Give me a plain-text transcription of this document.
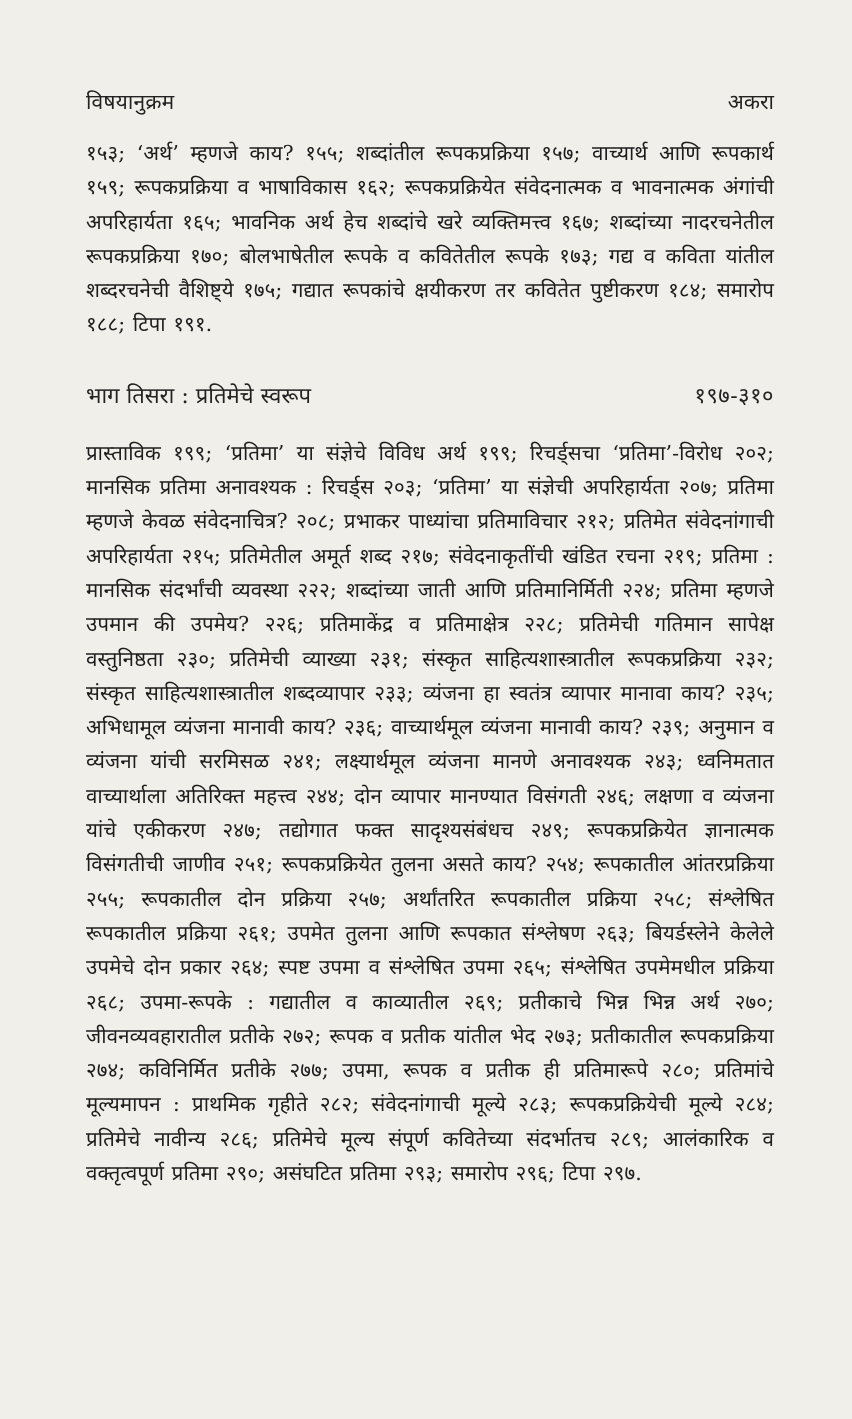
विषयानुक्रम	अकरा

१५३; ‘अर्थ’ म्हणजे काय? १५५; शब्दांतील रूपकप्रक्रिया १५७; वाच्यार्थ आणि रूपकार्थ १५९; रूपकप्रक्रिया व भाषाविकास १६२; रूपकप्रक्रियेत संवेदनात्मक व भावनात्मक अंगांची अपरिहार्यता १६५; भावनिक अर्थ हेच शब्दांचे खरे व्यक्तिमत्त्व १६७; शब्दांच्या नादरचनेतील रूपकप्रक्रिया १७०; बोलभाषेतील रूपके व कवितेतील रूपके १७३; गद्य व कविता यांतील शब्दरचनेची वैशिष्ट्ये १७५; गद्यात रूपकांचे क्षयीकरण तर कवितेत पुष्टीकरण १८४; समारोप १८८; टिपा १९१.

भाग तिसरा : प्रतिमेचे स्वरूप	१९७-३१०

प्रास्ताविक १९९; ‘प्रतिमा’ या संज्ञेचे विविध अर्थ १९९; रिचर्ड्सचा ‘प्रतिमा’-विरोध २०२; मानसिक प्रतिमा अनावश्यक : रिचर्ड्स २०३; ‘प्रतिमा’ या संज्ञेची अपरिहार्यता २०७; प्रतिमा म्हणजे केवळ संवेदनाचित्र? २०८; प्रभाकर पाध्यांचा प्रतिमाविचार २१२; प्रतिमेत संवेदनांगाची अपरिहार्यता २१५; प्रतिमेतील अमूर्त शब्द २१७; संवेदनाकृतींची खंडित रचना २१९; प्रतिमा : मानसिक संदर्भांची व्यवस्था २२२; शब्दांच्या जाती आणि प्रतिमानिर्मिती २२४; प्रतिमा म्हणजे उपमान की उपमेय? २२६; प्रतिमाकेंद्र व प्रतिमाक्षेत्र २२८; प्रतिमेची गतिमान सापेक्ष वस्तुनिष्ठता २३०; प्रतिमेची व्याख्या २३१; संस्कृत साहित्यशास्त्रातील रूपकप्रक्रिया २३२; संस्कृत साहित्यशास्त्रातील शब्दव्यापार २३३; व्यंजना हा स्वतंत्र व्यापार मानावा काय? २३५; अभिधामूल व्यंजना मानावी काय? २३६; वाच्यार्थमूल व्यंजना मानावी काय? २३९; अनुमान व व्यंजना यांची सरमिसळ २४१; लक्ष्यार्थमूल व्यंजना मानणे अनावश्यक २४३; ध्वनिमतात वाच्यार्थाला अतिरिक्त महत्त्व २४४; दोन व्यापार मानण्यात विसंगती २४६; लक्षणा व व्यंजना यांचे एकीकरण २४७; तद्योगात फक्त सादृश्यसंबंधच २४९; रूपकप्रक्रियेत ज्ञानात्मक विसंगतीची जाणीव २५१; रूपकप्रक्रियेत तुलना असते काय? २५४; रूपकातील आंतरप्रक्रिया २५५; रूपकातील दोन प्रक्रिया २५७; अर्थांतरित रूपकातील प्रक्रिया २५८; संश्लेषित रूपकातील प्रक्रिया २६१; उपमेत तुलना आणि रूपकात संश्लेषण २६३; बियर्डस्लेने केलेले उपमेचे दोन प्रकार २६४; स्पष्ट उपमा व संश्लेषित उपमा २६५; संश्लेषित उपमेमधील प्रक्रिया २६८; उपमा-रूपके : गद्यातील व काव्यातील २६९; प्रतीकाचे भिन्न भिन्न अर्थ २७०; जीवनव्यवहारातील प्रतीके २७२; रूपक व प्रतीक यांतील भेद २७३; प्रतीकातील रूपकप्रक्रिया २७४; कविनिर्मित प्रतीके २७७; उपमा, रूपक व प्रतीक ही प्रतिमारूपे २८०; प्रतिमांचे मूल्यमापन : प्राथमिक गृहीते २८२; संवेदनांगाची मूल्ये २८३; रूपकप्रक्रियेची मूल्ये २८४; प्रतिमेचे नावीन्य २८६; प्रतिमेचे मूल्य संपूर्ण कवितेच्या संदर्भातच २८९; आलंकारिक व वक्तृत्वपूर्ण प्रतिमा २९०; असंघटित प्रतिमा २९३; समारोप २९६; टिपा २९७.
